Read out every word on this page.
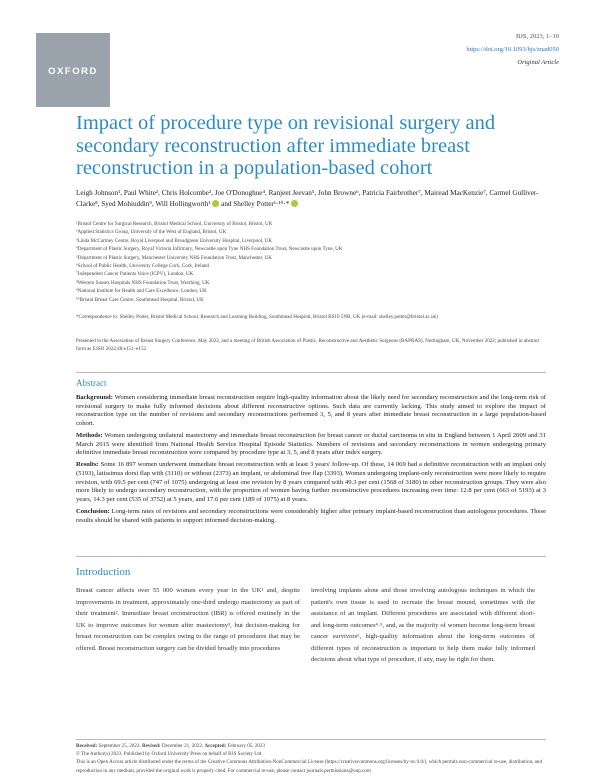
OXFORD
BJS, 2023, 1–10
https://doi.org/10.1093/bjs/znad050
Original Article
Impact of procedure type on revisional surgery and secondary reconstruction after immediate breast reconstruction in a population-based cohort
Leigh Johnson¹, Paul White², Chris Holcombe³, Joe O'Donoghue⁴, Ranjeet Jeevan⁵, John Browne⁶, Patricia Fairbrother⁷, Mairead MacKenzie⁷, Carmel Gulliver-Clarke⁸, Syed Mohiuddin⁹, Will Hollingworth¹  and Shelley Potter¹·¹⁰·*
¹Bristol Centre for Surgical Research, Bristol Medical School, University of Bristol, Bristol, UK
²Applied Statistics Group, University of the West of England, Bristol, UK
³Linda McCartney Centre, Royal Liverpool and Broadgreen University Hospital, Liverpool, UK
⁴Department of Plastic Surgery, Royal Victoria Infirmary, Newcastle upon Tyne NHS Foundation Trust, Newcastle upon Tyne, UK
⁵Department of Plastic Surgery, Manchester University NHS Foundation Trust, Manchester, UK
⁶School of Public Health, University College Cork, Cork, Ireland
⁷Independent Cancer Patients Voice (ICPV), London, UK
⁸Western Sussex Hospitals NHS Foundation Trust, Worthing, UK
⁹National Institute for Health and Care Excellence, London, UK
¹⁰Bristol Breast Care Centre, Southmead Hospital, Bristol, UK
*Correspondence to: Shelley Potter, Bristol Medical School, Research and Learning Building, Southmead Hospital, Bristol BS10 5NB, UK (e-mail: shelley.potter@bristol.ac.uk)
Presented to the Association of Breast Surgery Conference, May 2022, and a meeting of British Association of Plastic, Reconstructive and Aesthetic Surgeons (BAPRAS), Nottingham, UK, November 2022; published in abstract form as EJSO 2022;48:e151–e152
Abstract

Background: Women considering immediate breast reconstruction require high-quality information about the likely need for secondary reconstruction and the long-term risk of revisional surgery to make fully informed decisions about different reconstructive options. Such data are currently lacking. This study aimed to explore the impact of reconstruction type on the number of revisions and secondary reconstructions performed 3, 5, and 8 years after immediate breast reconstruction in a large population-based cohort.

Methods: Women undergoing unilateral mastectomy and immediate breast reconstruction for breast cancer or ductal carcinoma in situ in England between 1 April 2009 and 31 March 2015 were identified from National Health Service Hospital Episode Statistics. Numbers of revisions and secondary reconstructions in women undergoing primary definitive immediate breast reconstruction were compared by procedure type at 3, 5, and 8 years after index surgery.

Results: Some 16 897 women underwent immediate breast reconstruction with at least 3 years' follow-up. Of these, 14 069 had a definitive reconstruction with an implant only (5193), latissimus dorsi flap with (3110) or without (2373) an implant, or abdominal free flap (3393). Women undergoing implant-only reconstruction were more likely to require revision, with 69.5 per cent (747 of 1075) undergoing at least one revision by 8 years compared with 49.3 per cent (1568 of 3180) in other reconstruction groups. They were also more likely to undergo secondary reconstruction, with the proportion of women having further reconstructive procedures increasing over time: 12.8 per cent (663 of 5193) at 3 years, 14.3 per cent (535 of 3752) at 5 years, and 17.6 per cent (189 of 1075) at 8 years.

Conclusion: Long-term rates of revisions and secondary reconstructions were considerably higher after primary implant-based reconstruction than autologous procedures. These results should be shared with patients to support informed decision-making.

Introduction
Breast cancer affects over 55 000 women every year in the UK¹ and, despite improvements in treatment, approximately one-third undergo mastectomy as part of their treatment². Immediate breast reconstruction (IBR) is offered routinely in the UK to improve outcomes for women after mastectomy³, but decision-making for breast reconstruction can be complex owing to the range of procedures that may be offered. Breast reconstruction surgery can be divided broadly into procedures
involving implants alone and those involving autologous techniques in which the patient's own tissue is used to recreate the breast mound, sometimes with the assistance of an implant. Different procedures are associated with different short- and long-term outcomes⁴·⁵, and, as the majority of women become long-term breast cancer survivors⁶, high-quality information about the long-term outcomes of different types of reconstruction is important to help them make fully informed decisions about what type of procedure, if any, may be right for them.
Received: September 25, 2022. Revised: December 21, 2022. Accepted: February 05, 2023
© The Author(s) 2023. Published by Oxford University Press on behalf of BJS Society Ltd.
This is an Open Access article distributed under the terms of the Creative Commons Attribution-NonCommercial License (https://creativecommons.org/licenses/by-nc/4.0/), which permits non-commercial re-use, distribution, and reproduction in any medium, provided the original work is properly cited. For commercial re-use, please contact journals.permissions@oup.com
